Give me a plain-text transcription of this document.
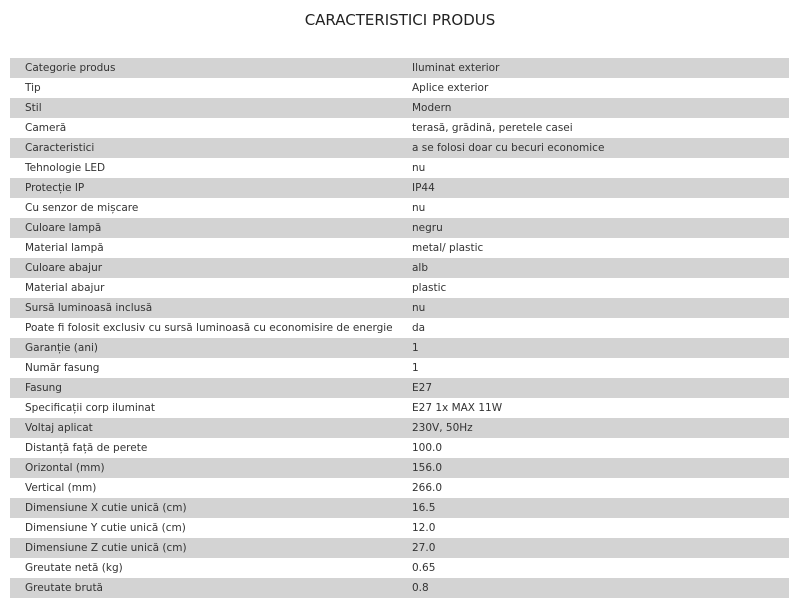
CARACTERISTICI PRODUS
Categorie produs	Iluminat exterior
Tip	Aplice exterior
Stil	Modern
Cameră	terasă, grădină, peretele casei
Caracteristici	a se folosi doar cu becuri economice
Tehnologie LED	nu
Protecție IP	IP44
Cu senzor de mișcare	nu
Culoare lampă	negru
Material lampă	metal/ plastic
Culoare abajur	alb
Material abajur	plastic
Sursă luminoasă inclusă	nu
Poate fi folosit exclusiv cu sursă luminoasă cu economisire de energie	da
Garanție (ani)	1
Număr fasung	1
Fasung	E27
Specificații corp iluminat	E27 1x MAX 11W
Voltaj aplicat	230V, 50Hz
Distanță față de perete	100.0
Orizontal (mm)	156.0
Vertical (mm)	266.0
Dimensiune X cutie unică (cm)	16.5
Dimensiune Y cutie unică (cm)	12.0
Dimensiune Z cutie unică (cm)	27.0
Greutate netă (kg)	0.65
Greutate brută	0.8
